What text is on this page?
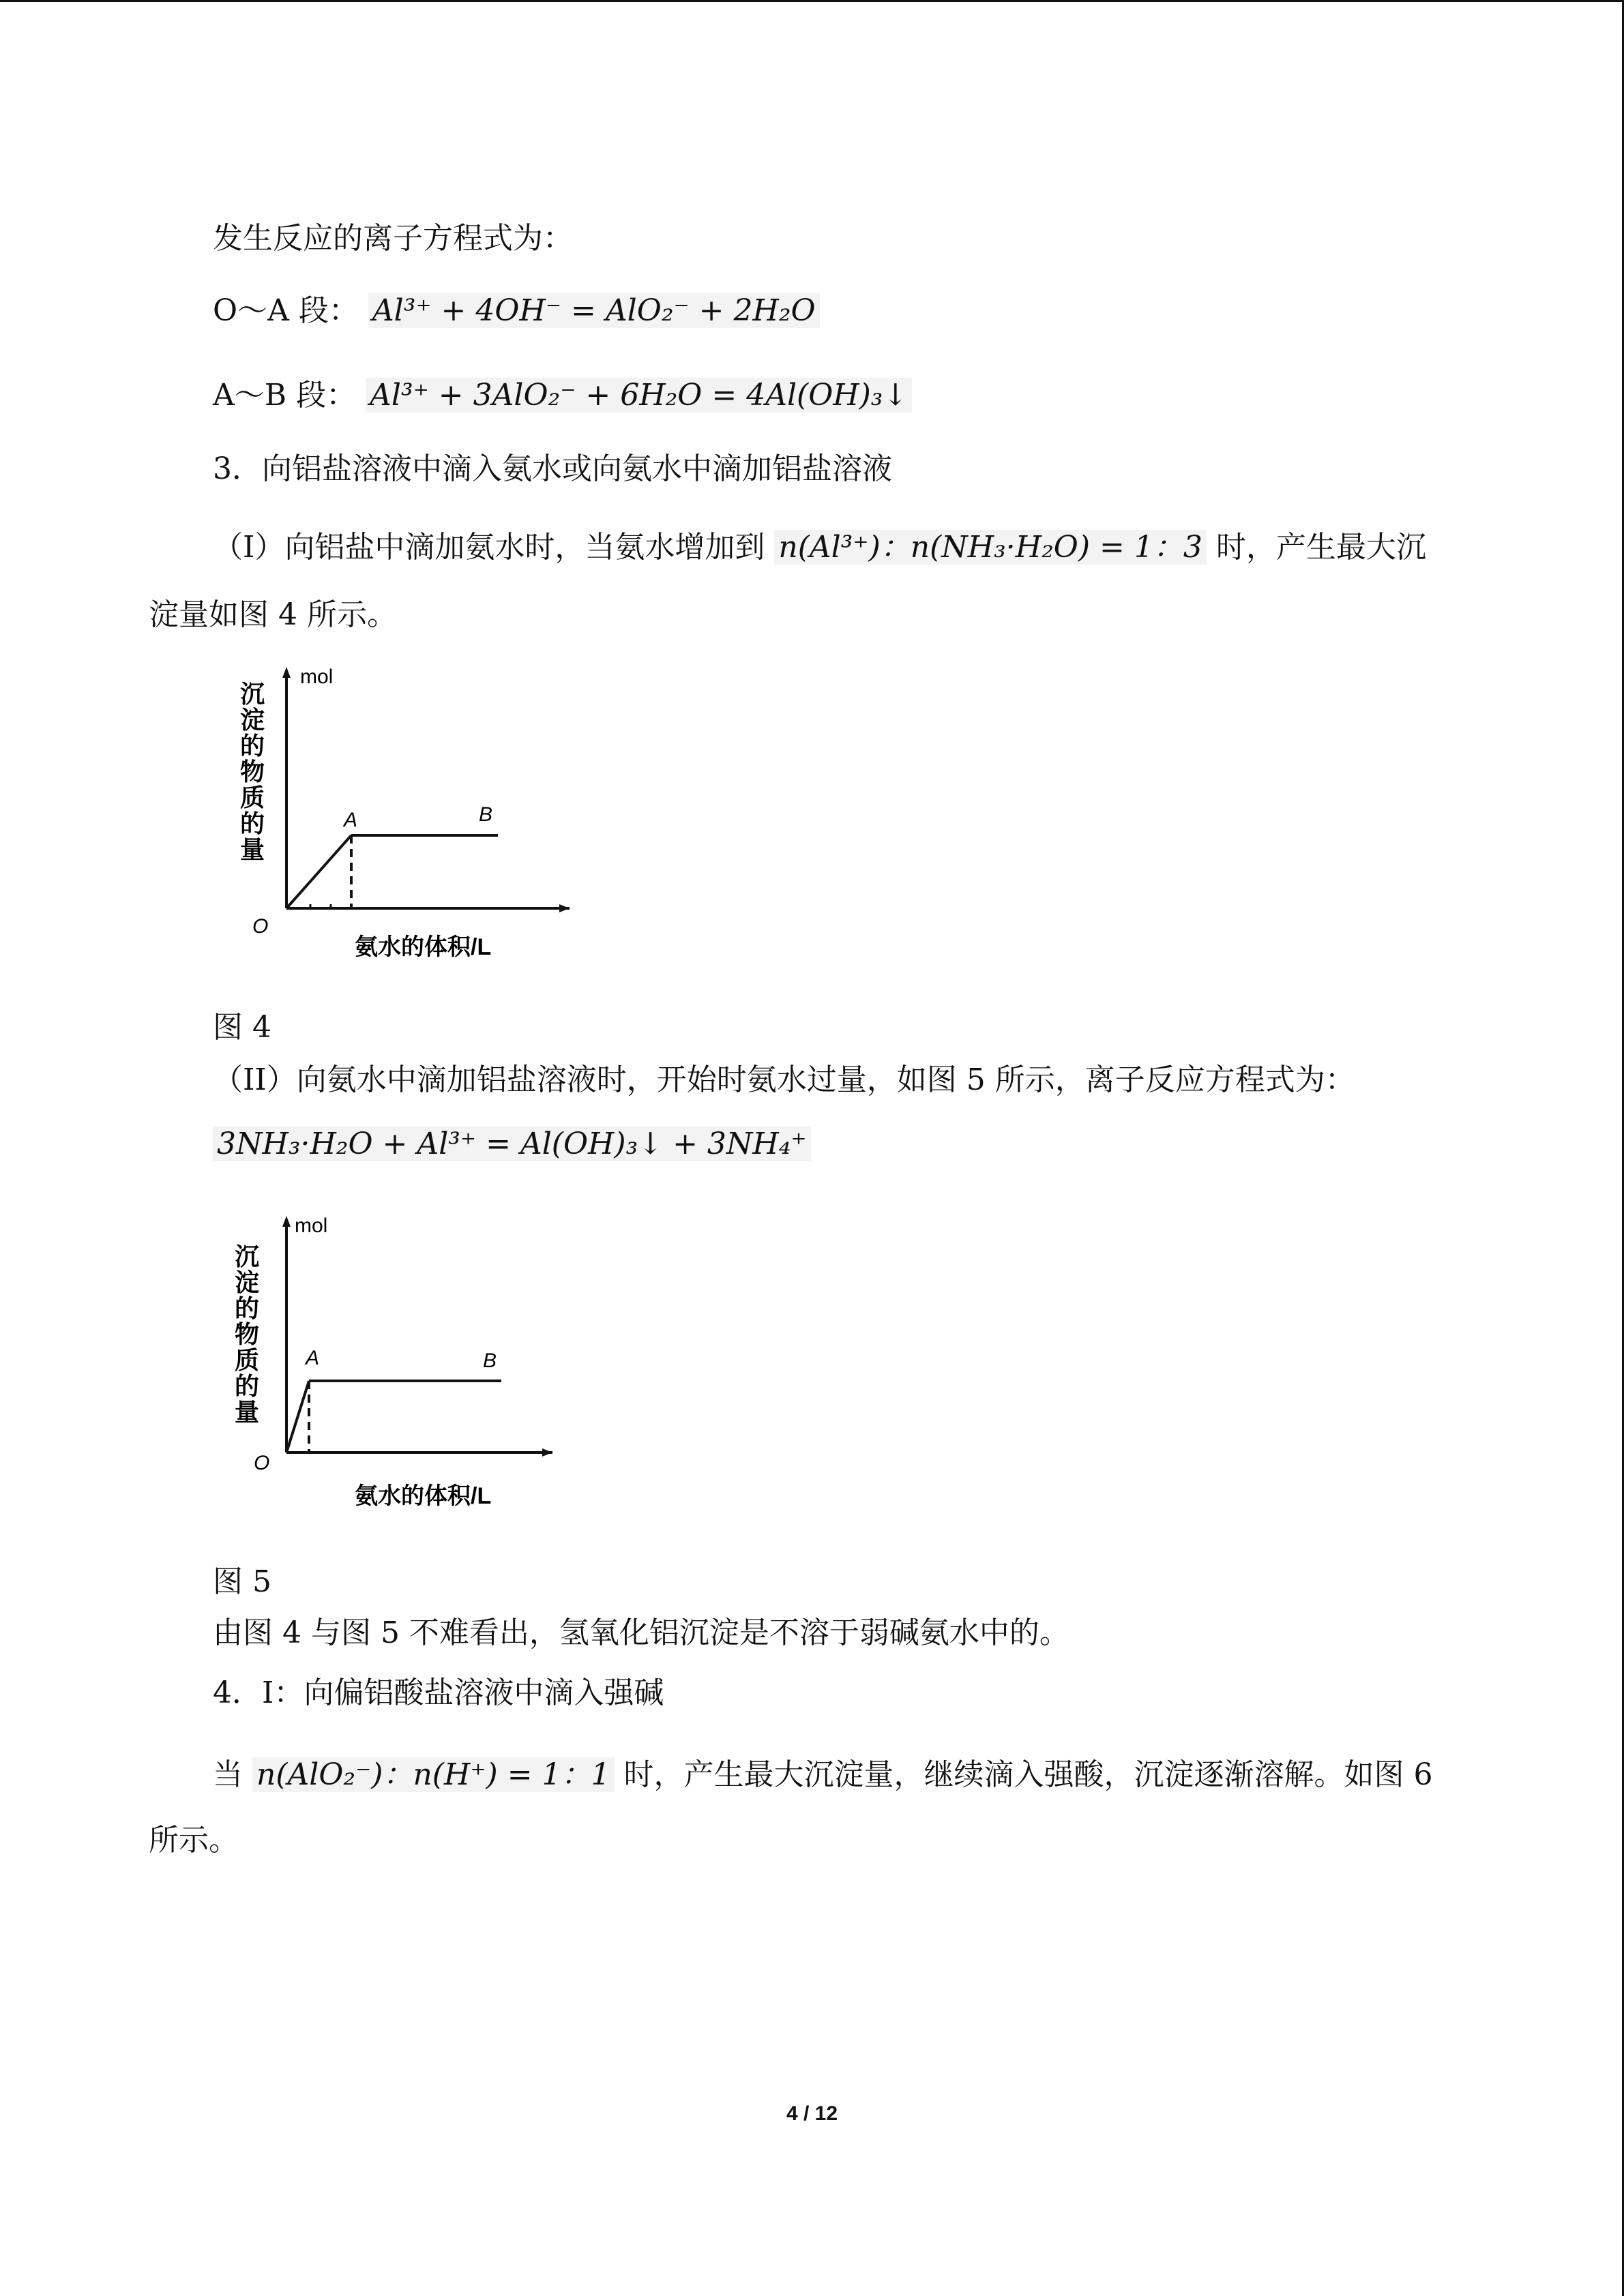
发生反应的离子方程式为：
O～A 段： Al³⁺ + 4OH⁻ = AlO₂⁻ + 2H₂O
A～B 段： Al³⁺ + 3AlO₂⁻ + 6H₂O = 4Al(OH)₃↓
3．向铝盐溶液中滴入氨水或向氨水中滴加铝盐溶液
（I）向铝盐中滴加氨水时，当氨水增加到 n(Al³⁺)：n(NH₃·H₂O) = 1：3 时，产生最大沉
淀量如图 4 所示。
mol
沉
淀
的
物
质
的
量
A	B
O
氨水的体积/L
图 4
（II）向氨水中滴加铝盐溶液时，开始时氨水过量，如图 5 所示，离子反应方程式为：
3NH₃·H₂O + Al³⁺ = Al(OH)₃↓ + 3NH₄⁺
mol
沉
淀
的
物
质
的
量
A	B
O
氨水的体积/L
图 5
由图 4 与图 5 不难看出，氢氧化铝沉淀是不溶于弱碱氨水中的。
4．I：向偏铝酸盐溶液中滴入强碱
当 n(AlO₂⁻)：n(H⁺) = 1：1 时，产生最大沉淀量，继续滴入强酸，沉淀逐渐溶解。如图 6
所示。
4 / 12
